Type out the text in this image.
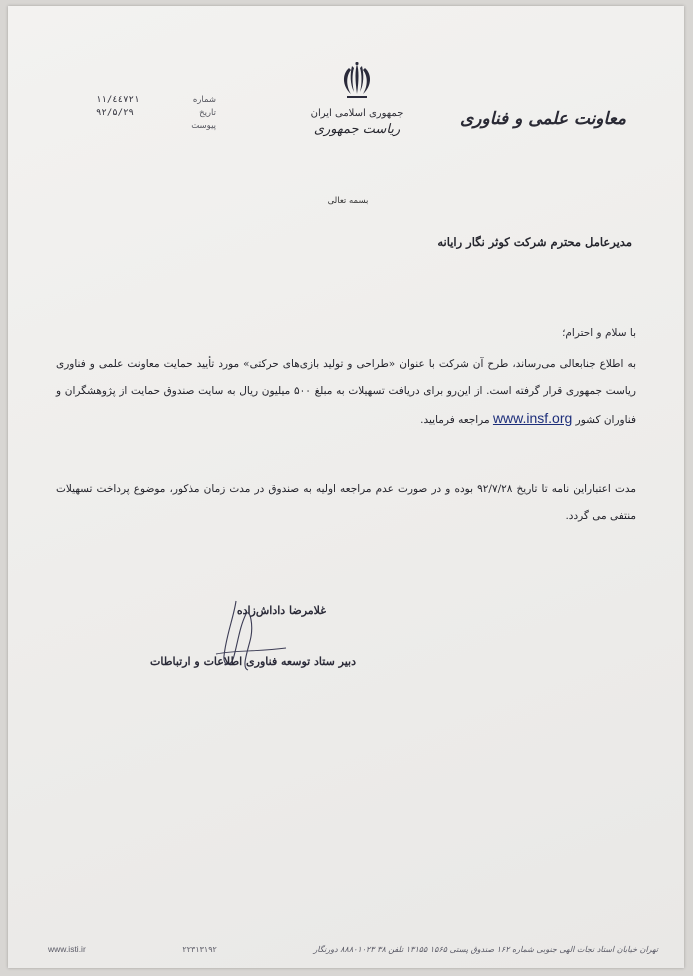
جمهوری اسلامی ایران
ریاست جمهوری
معاونت علمی و فناوری
۱۱/٤٤۷۲۱	شماره
۹۲/۵/۲۹	تاریخ
پیوست
بسمه تعالی
مدیرعامل محترم شرکت کوثر نگار رایانه
با سلام و احترام؛
به اطلاع جنابعالی می‌رساند، طرح آن شرکت با عنوان «طراحی و تولید بازی‌های حرکتی» مورد تأیید حمایت معاونت علمی و فناوری ریاست جمهوری قرار گرفته است. از این‌رو برای دریافت تسهیلات به مبلغ ۵۰۰ میلیون ریال به سایت صندوق حمایت از پژوهشگران و فناوران کشور www.insf.org مراجعه فرمایید.
مدت اعتباراین نامه تا تاریخ ۹۲/۷/۲۸ بوده و در صورت عدم مراجعه اولیه به صندوق در مدت زمان مذکور، موضوع پرداخت تسهیلات منتفی می گردد.
غلامرضا داداش‌زاده
دبیر ستاد توسعه فناوری اطلاعات و ارتباطات
www.isti.ir	۲۲۳۱۳۱۹۲	تهران خیابان استاد نجات الهی جنوبی شماره ۱۶۲ صندوق پستی ۱۵۶۵ ۱۳۱۵۵ تلفن ۳۸ ۸۸۸۰۱۰۲۳ دورنگار
